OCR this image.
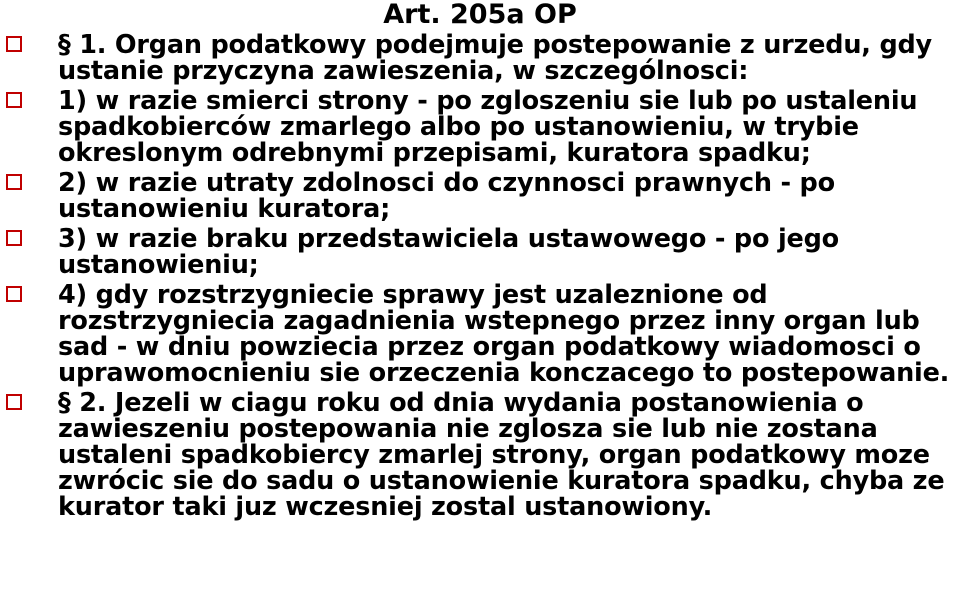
Art. 205a OP
§ 1. Organ podatkowy podejmuje postepowanie z urzedu, gdy ustanie przyczyna zawieszenia, w szczególnosci:
1) w razie smierci strony - po zgloszeniu sie lub po ustaleniu spadkobierców zmarlego albo po ustanowieniu, w trybie okreslonym odrebnymi przepisami, kuratora spadku;
2) w razie utraty zdolnosci do czynnosci prawnych - po ustanowieniu kuratora;
3) w razie braku przedstawiciela ustawowego - po jego ustanowieniu;
4) gdy rozstrzygniecie sprawy jest uzaleznione od rozstrzygniecia zagadnienia wstepnego przez inny organ lub sad - w dniu powziecia przez organ podatkowy wiadomosci o uprawomocnieniu sie orzeczenia konczacego to postepowanie.
§ 2. Jezeli w ciagu roku od dnia wydania postanowienia o zawieszeniu postepowania nie zglosza sie lub nie zostana ustaleni spadkobiercy zmarlej strony, organ podatkowy moze zwrócic sie do sadu o ustanowienie kuratora spadku, chyba ze kurator taki juz wczesniej zostal ustanowiony.
